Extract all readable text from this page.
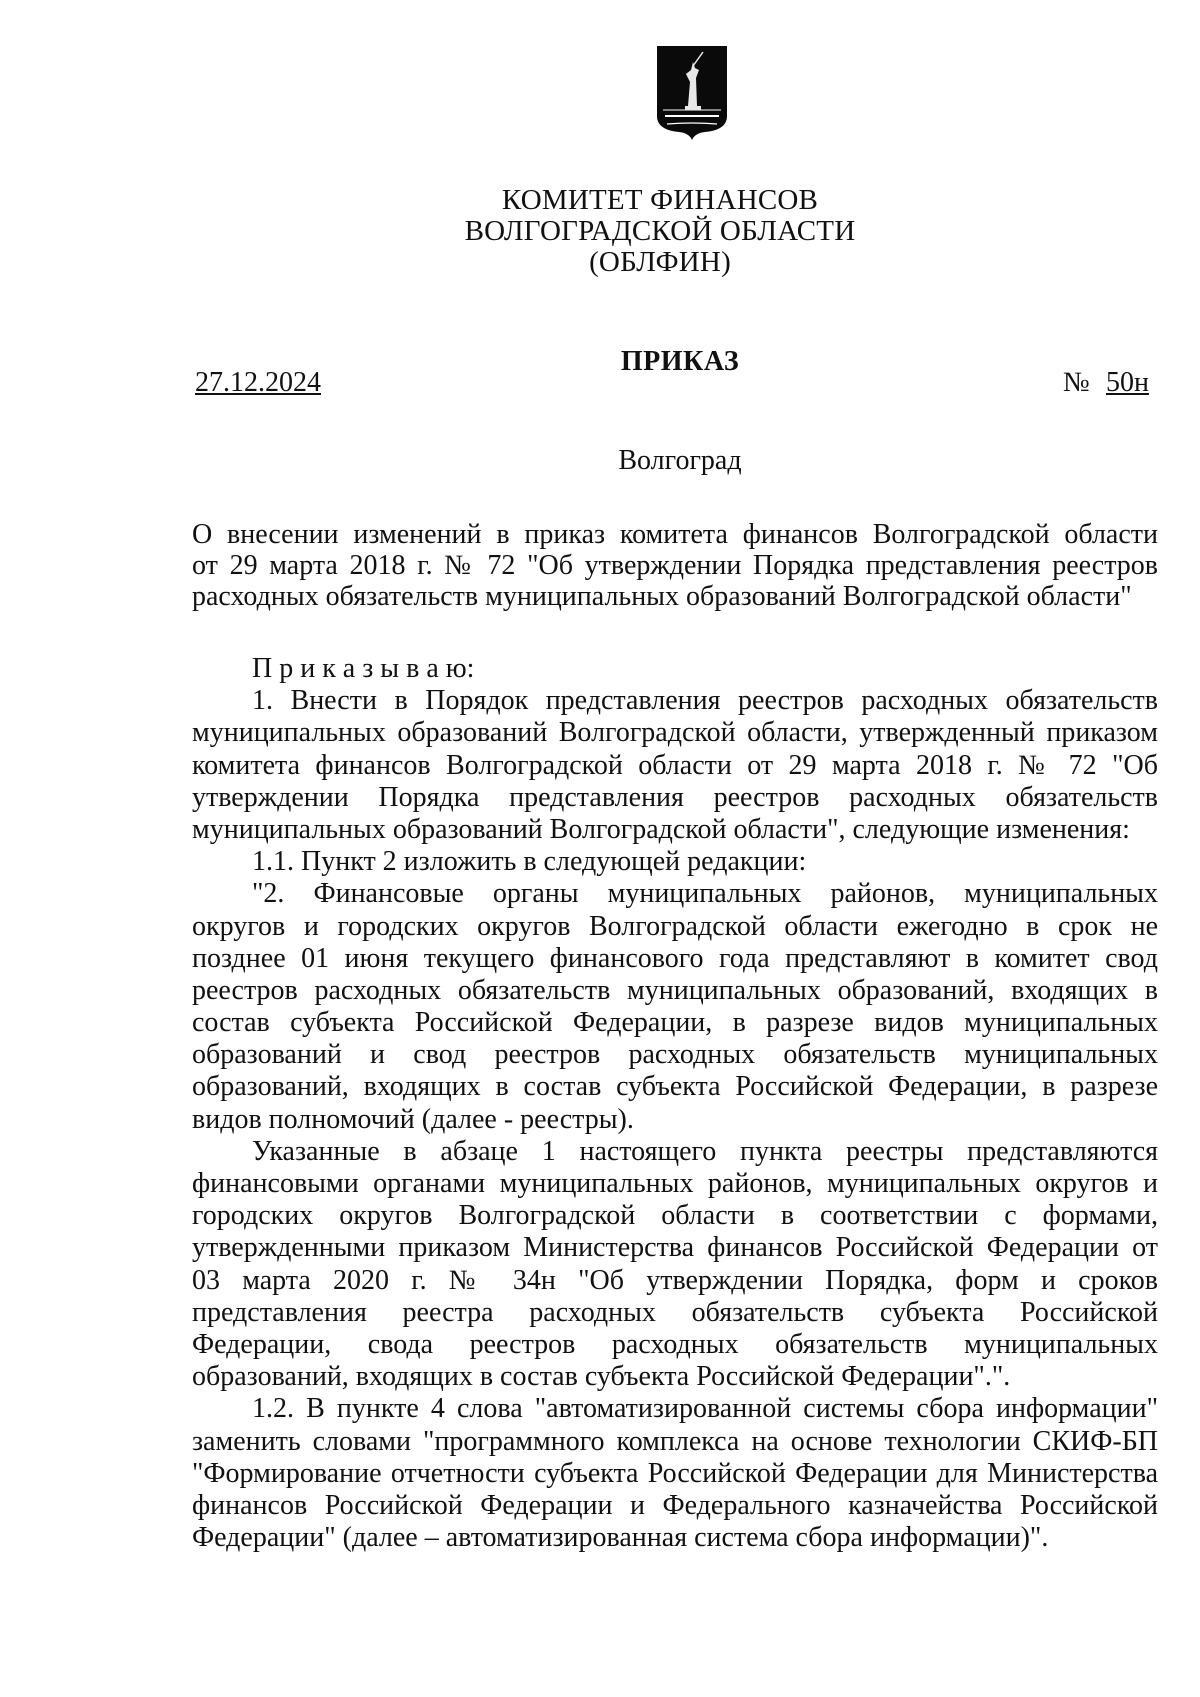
КОМИТЕТ ФИНАНСОВ
ВОЛГОГРАДСКОЙ ОБЛАСТИ
(ОБЛФИН)
ПРИКАЗ
27.12.2024	№ 50н
Волгоград
О внесении изменений в приказ комитета финансов Волгоградской области
от 29 марта 2018 г. № 72 "Об утверждении Порядка представления реестров
расходных обязательств муниципальных образований Волгоградской области"
П р и к а з ы в а ю:
1. Внести в Порядок представления реестров расходных обязательств
муниципальных образований Волгоградской области, утвержденный приказом
комитета финансов Волгоградской области от 29 марта 2018 г. № 72 "Об
утверждении Порядка представления реестров расходных обязательств
муниципальных образований Волгоградской области", следующие изменения:
1.1. Пункт 2 изложить в следующей редакции:
"2. Финансовые органы муниципальных районов, муниципальных
округов и городских округов Волгоградской области ежегодно в срок не
позднее 01 июня текущего финансового года представляют в комитет свод
реестров расходных обязательств муниципальных образований, входящих в
состав субъекта Российской Федерации, в разрезе видов муниципальных
образований и свод реестров расходных обязательств муниципальных
образований, входящих в состав субъекта Российской Федерации, в разрезе
видов полномочий (далее - реестры).
Указанные в абзаце 1 настоящего пункта реестры представляются
финансовыми органами муниципальных районов, муниципальных округов и
городских округов Волгоградской области в соответствии с формами,
утвержденными приказом Министерства финансов Российской Федерации от
03 марта 2020 г. № 34н "Об утверждении Порядка, форм и сроков
представления реестра расходных обязательств субъекта Российской
Федерации, свода реестров расходных обязательств муниципальных
образований, входящих в состав субъекта Российской Федерации".".
1.2. В пункте 4 слова "автоматизированной системы сбора информации"
заменить словами "программного комплекса на основе технологии СКИФ-БП
"Формирование отчетности субъекта Российской Федерации для Министерства
финансов Российской Федерации и Федерального казначейства Российской
Федерации" (далее – автоматизированная система сбора информации)".
